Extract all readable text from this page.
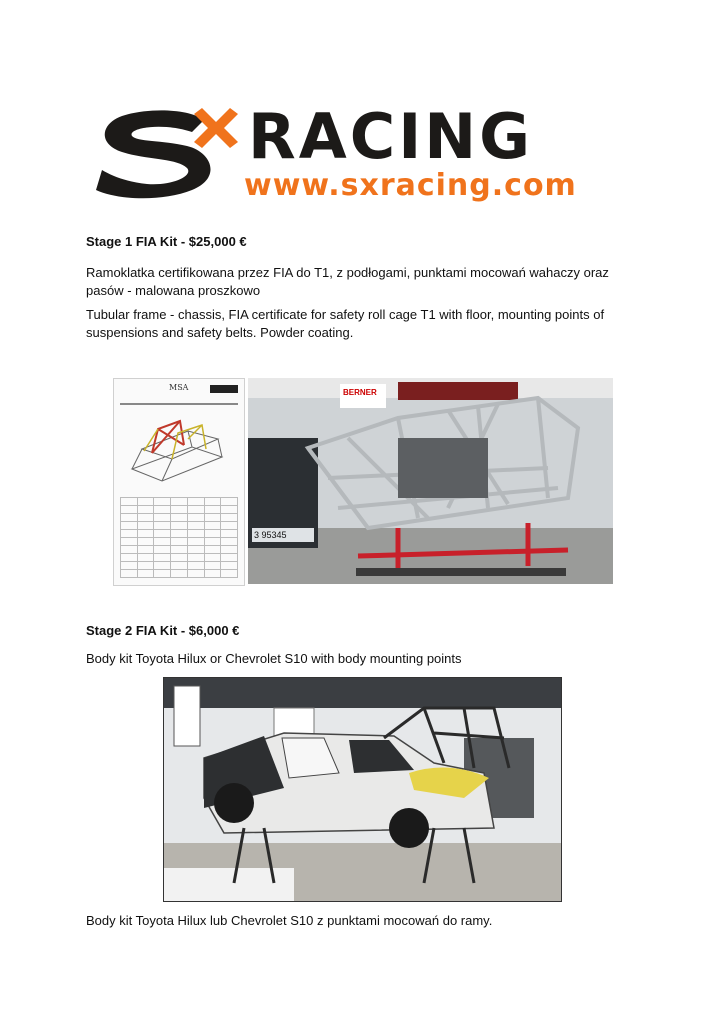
RACING
www.sxracing.com
Stage 1 FIA Kit - $25,000 €
Ramoklatka certifikowana przez FIA do T1, z podłogami, punktami mocowań wahaczy oraz pasów - malowana proszkowo
Tubular frame - chassis, FIA certificate for safety roll cage T1 with floor, mounting points of suspensions and safety belts. Powder coating.
MSA

BERNER
3 95345
Stage 2 FIA Kit - $6,000 €
Body kit Toyota Hilux or Chevrolet S10 with body mounting points
Body kit Toyota Hilux lub Chevrolet S10 z punktami mocowań do ramy.
